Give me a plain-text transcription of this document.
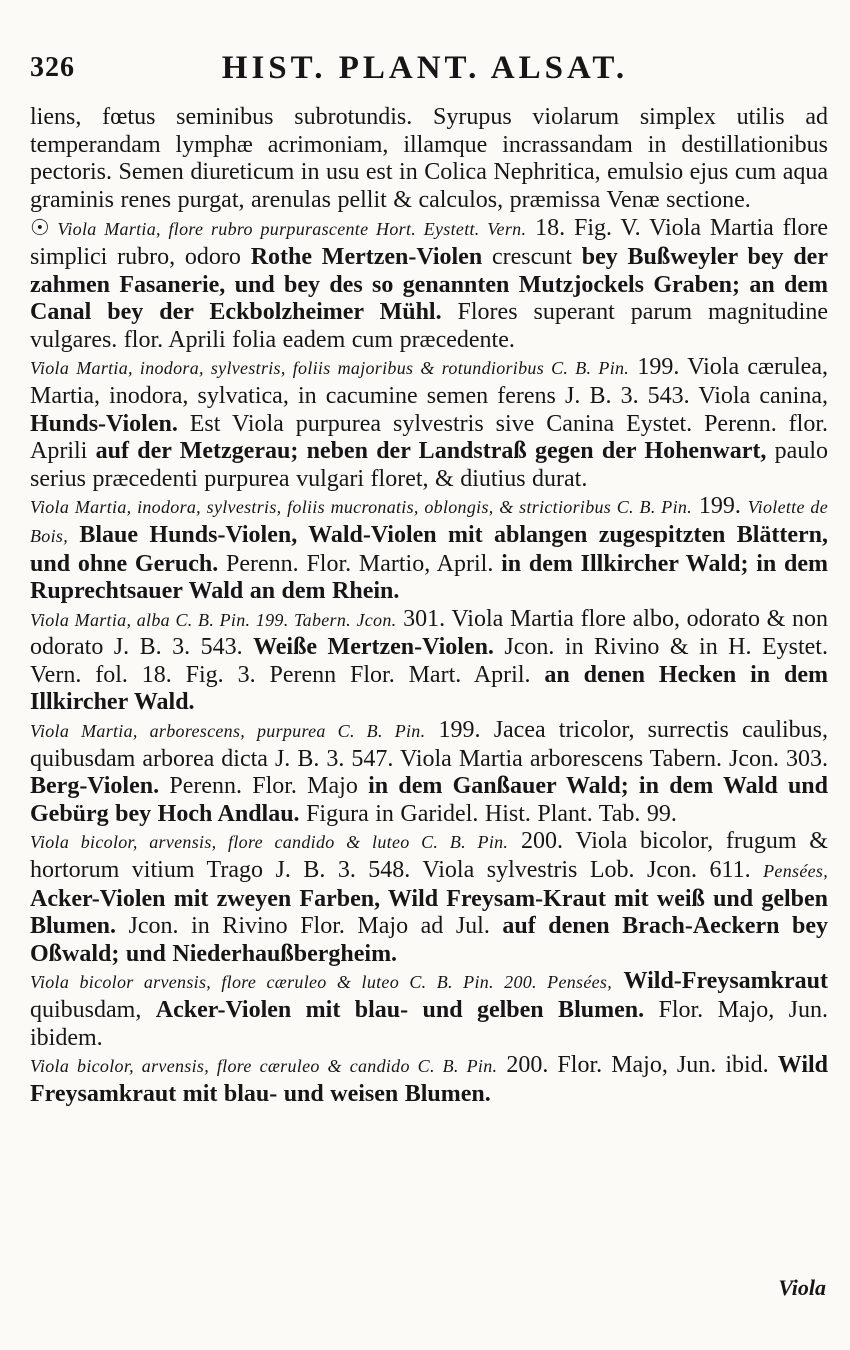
326	HIST. PLANT. ALSAT.

liens, fœtus seminibus subrotundis. Syrupus violarum simplex utilis ad temperandam lymphæ acrimoniam, illamque incrassandam in destillationibus pectoris. Semen diureticum in usu est in Colica Nephritica, emulsio ejus cum aqua graminis renes purgat, arenulas pellit & calculos, præmissa Venæ sectione.

☉ Viola Martia, flore rubro purpurascente Hort. Eystett. Vern. 18. Fig. V. Viola Martia flore simplici rubro, odoro Rothe Mertzen-Violen crescunt bey Bußweyler bey der zahmen Fasanerie, und bey des so genannten Mutzjockels Graben; an dem Canal bey der Eckbolzheimer Mühl. Flores superant parum magnitudine vulgares. flor. Aprili folia eadem cum præcedente.

Viola Martia, inodora, sylvestris, foliis majoribus & rotundioribus C. B. Pin. 199. Viola cærulea, Martia, inodora, sylvatica, in cacumine semen ferens J. B. 3. 543. Viola canina, Hunds-Violen. Est Viola purpurea sylvestris sive Canina Eystet. Perenn. flor. Aprili auf der Metzgerau; neben der Landstraß gegen der Hohenwart, paulo serius præcedenti purpurea vulgari floret, & diutius durat.

Viola Martia, inodora, sylvestris, foliis mucronatis, oblongis, & strictioribus C. B. Pin. 199. Violette de Bois, Blaue Hunds-Violen, Wald-Violen mit ablangen zugespitzten Blättern, und ohne Geruch. Perenn. Flor. Martio, April. in dem Illkircher Wald; in dem Ruprechtsauer Wald an dem Rhein.

Viola Martia, alba C. B. Pin. 199. Tabern. Jcon. 301. Viola Martia flore albo, odorato & non odorato J. B. 3. 543. Weiße Mertzen-Violen. Jcon. in Rivino & in H. Eystet. Vern. fol. 18. Fig. 3. Perenn Flor. Mart. April. an denen Hecken in dem Illkircher Wald.

Viola Martia, arborescens, purpurea C. B. Pin. 199. Jacea tricolor, surrectis caulibus, quibusdam arborea dicta J. B. 3. 547. Viola Martia arborescens Tabern. Jcon. 303. Berg-Violen. Perenn. Flor. Majo in dem Ganßauer Wald; in dem Wald und Gebürg bey Hoch Andlau. Figura in Garidel. Hist. Plant. Tab. 99.

Viola bicolor, arvensis, flore candido & luteo C. B. Pin. 200. Viola bicolor, frugum & hortorum vitium Trago J. B. 3. 548. Viola sylvestris Lob. Jcon. 611. Pensées, Acker-Violen mit zweyen Farben, Wild Freysam-Kraut mit weiß und gelben Blumen. Jcon. in Rivino Flor. Majo ad Jul. auf denen Brach-Aeckern bey Oßwald; und Niederhaußbergheim.

Viola bicolor arvensis, flore cæruleo & luteo C. B. Pin. 200. Pensées, Wild-Freysamkraut quibusdam, Acker-Violen mit blau- und gelben Blumen. Flor. Majo, Jun. ibidem.

Viola bicolor, arvensis, flore cæruleo & candido C. B. Pin. 200. Flor. Majo, Jun. ibid. Wild Freysamkraut mit blau- und weisen Blumen.

Viola
